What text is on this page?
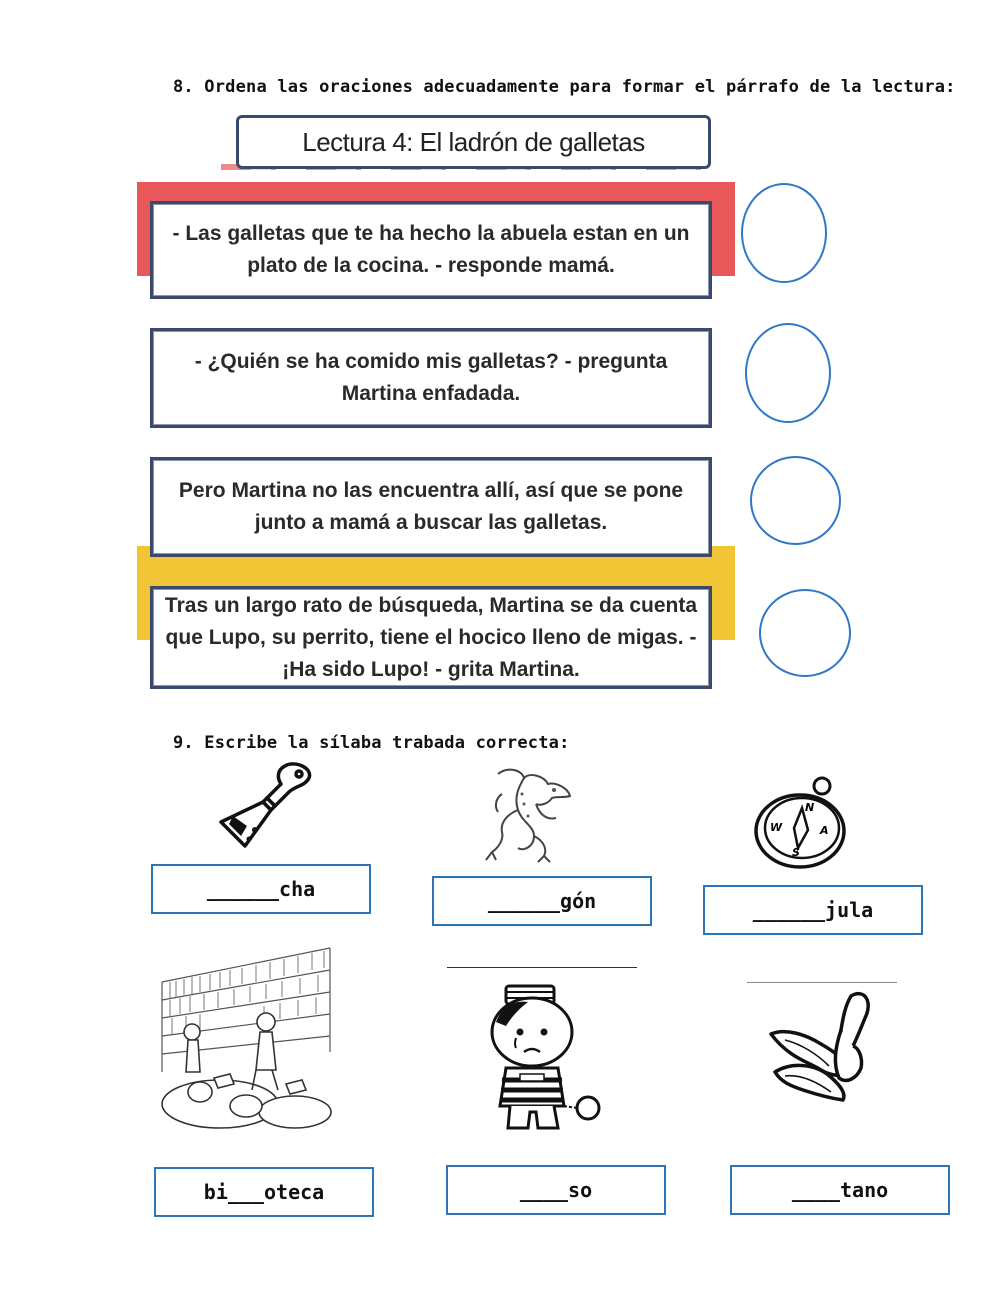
8. Ordena las oraciones adecuadamente para formar el párrafo de la lectura:
Lectura 4: El ladrón de galletas
- Las galletas que te ha hecho la abuela estan en un plato de la cocina. - responde mamá.
- ¿Quién se ha comido mis galletas? - pregunta Martina enfadada.
Pero Martina no las encuentra allí, así que se pone junto a mamá a buscar las galletas.
Tras un largo rato de búsqueda, Martina se da cuenta que Lupo, su perrito, tiene el hocico lleno de migas. - ¡Ha sido Lupo! - grita Martina.
9. Escribe la sílaba trabada correcta:
N
A
S
W
______cha	______gón	______jula
bi___oteca	____so	____tano
